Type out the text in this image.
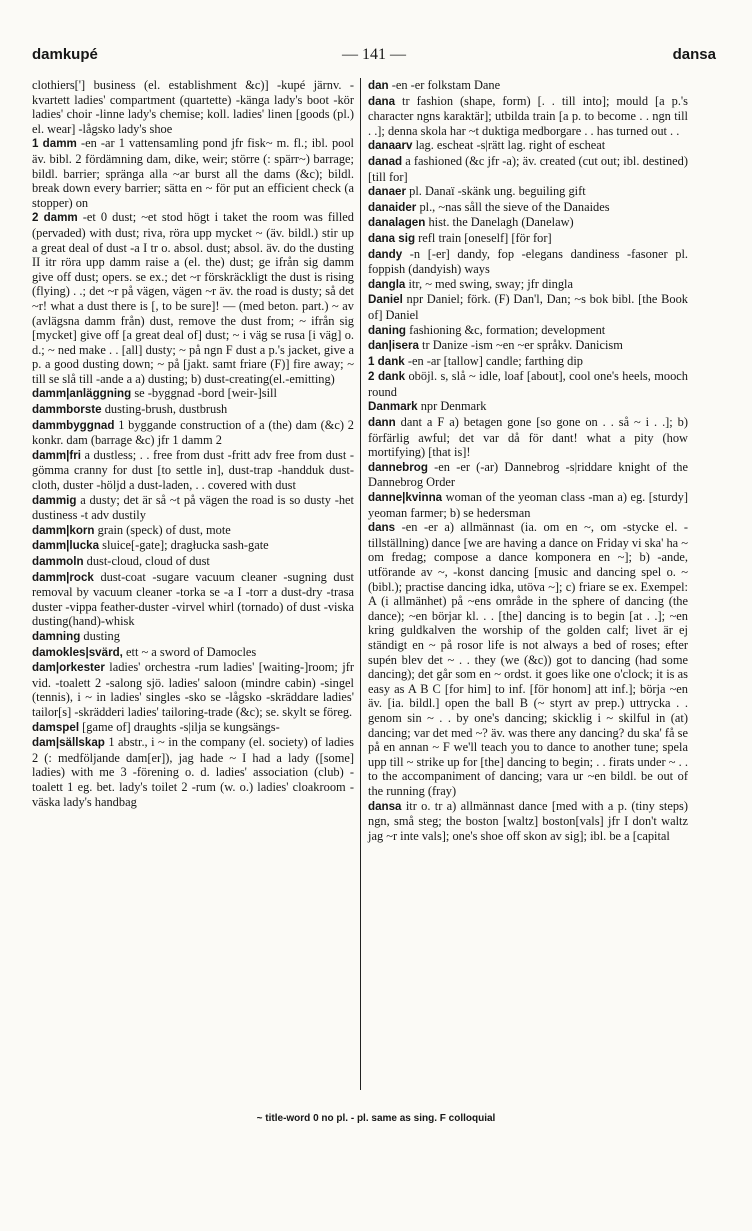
damkupé	— 141 —	dansa

clothiers['] business (el. establishment &c)] -kupé järnv. -kvartett ladies' compartment (quartette) -känga lady's boot -kör ladies' choir -linne lady's chemise; koll. ladies' linen [goods (pl.) el. wear] -lågsko lady's shoe

1 damm -en -ar 1 vattensamling pond jfr fisk~ m. fl.; ibl. pool äv. bibl. 2 fördämning dam, dike, weir; större (: spärr~) barrage; bildl. barrier; spränga alla ~ar burst all the dams (&c); bildl. break down every barrier; sätta en ~ för put an efficient check (a stopper) on

2 damm -et 0 dust; ~et stod högt i taket the room was filled (pervaded) with dust; riva, röra upp mycket ~ (äv. bildl.) stir up a great deal of dust -a I tr o. absol. dust; absol. äv. do the dusting II itr röra upp damm raise a (el. the) dust; ge ifrån sig damm give off dust; opers. se ex.; det ~r förskräckligt the dust is rising (flying) . .; det ~r på vägen, vägen ~r äv. the road is dusty; så det ~r! what a dust there is [, to be sure]! — (med beton. part.) ~ av (avlägsna damm från) dust, remove the dust from; ~ ifrån sig [mycket] give off [a great deal of] dust; ~ i väg se rusa [i väg] o. d.; ~ ned make . . [all] dusty; ~ på ngn F dust a p.'s jacket, give a p. a good dusting down; ~ på [jakt. samt friare (F)] fire away; ~ till se slå till -ande a a) dusting; b) dust-creating(el.-emitting)

damm|anläggning se -byggnad -bord [weir-]sill

dammborste dusting-brush, dustbrush

dammbyggnad 1 byggande construction of a (the) dam (&c) 2 konkr. dam (barrage &c) jfr 1 damm 2

damm|fri a dustless; . . free from dust -fritt adv free from dust -gömma cranny for dust [to settle in], dust-trap -handduk dust-cloth, duster -höljd a dust-laden, . . covered with dust

dammig a dusty; det är så ~t på vägen the road is so dusty -het dustiness -t adv dustily

damm|korn grain (speck) of dust, mote

damm|lucka sluice[-gate]; dragłucka sash-gate

dammoln dust-cloud, cloud of dust

damm|rock dust-coat -sugare vacuum cleaner -sugning dust removal by vacuum cleaner -torka se -a I -torr a dust-dry -trasa duster -vippa feather-duster -virvel whirl (tornado) of dust -viska dusting(hand)-whisk

damning dusting

damokles|svärd, ett ~ a sword of Damocles

dam|orkester ladies' orchestra -rum ladies' [waiting-]room; jfr vid. -toalett 2 -salong sjö. ladies' saloon (mindre cabin) -singel (tennis), i ~ in ladies' singles -sko se -lågsko -skräddare ladies' tailor[s] -skrädderi ladies' tailoring-trade (&c); se. skylt se föreg.

damspel [game of] draughts -s|ilja se kungsängs-

dam|sällskap 1 abstr., i ~ in the company (el. society) of ladies 2 (: medföljande dam[er]), jag hade ~ I had a lady ([some] ladies) with me 3 -förening o. d. ladies' association (club) -toalett 1 eg. bet. lady's toilet 2 -rum (w. o.) ladies' cloakroom -väska lady's handbag

dan -en -er folkstam Dane

dana tr fashion (shape, form) [. . till into]; mould [a p.'s character ngns karaktär]; utbilda train [a p. to become . . ngn till . .]; denna skola har ~t duktiga medborgare . . has turned out . .

danaarv lag. escheat -s|rätt lag. right of escheat

danad a fashioned (&c jfr -a); äv. created (cut out; ibl. destined) [till for]

danaer pl. Danaï -skänk ung. beguiling gift

danaider pl., ~nas såll the sieve of the Danaides

danalagen hist. the Danelagh (Danelaw)

dana sig refl train [oneself] [för for]

dandy -n [-er] dandy, fop -elegans dandiness -fasoner pl. foppish (dandyish) ways

dangla itr, ~ med swing, sway; jfr dingla

Daniel npr Daniel; förk. (F) Dan'l, Dan; ~s bok bibl. [the Book of] Daniel

daning fashioning &c, formation; development

dan|isera tr Danize -ism ~en ~er språkv. Danicism

1 dank -en -ar [tallow] candle; farthing dip

2 dank oböjl. s, slå ~ idle, loaf [about], cool one's heels, mooch round

Danmark npr Denmark

dann dant a F a) betagen gone [so gone on . . så ~ i . .]; b) förfärlig awful; det var då för dant! what a pity (how mortifying) [that is]!

dannebrog -en -er (-ar) Dannebrog -s|riddare knight of the Dannebrog Order

danne|kvinna woman of the yeoman class -man a) eg. [sturdy] yeoman farmer; b) se hedersman

dans -en -er a) allmännast (ia. om en ~, om -stycke el. -tillställning) dance [we are having a dance on Friday vi ska' ha ~ om fredag; compose a dance komponera en ~]; b) -ande, utförande av ~, -konst dancing [music and dancing spel o. ~ (bibl.); practise dancing idka, utöva ~]; c) friare se ex. Exempel: A (i allmänhet) på ~ens område in the sphere of dancing (the dance); ~en börjar kl. . . [the] dancing is to begin [at . .]; ~en kring guldkalven the worship of the golden calf; livet är ej ständigt en ~ på rosor life is not always a bed of roses; efter supén blev det ~ . . they (we (&c)) got to dancing (had some dancing); det går som en ~ ordst. it goes like one o'clock; it is as easy as A B C [for him] to inf. [för honom] att inf.]; börja ~en äv. [ia. bildl.] open the ball B (~ styrt av prep.) uttrycka . . genom sin ~ . . by one's dancing; skicklig i ~ skilful in (at) dancing; var det med ~? äv. was there any dancing? du ska' få se på en annan ~ F we'll teach you to dance to another tune; spela upp till ~ strike up for [the] dancing to begin; . . firats under ~ . . to the accompaniment of dancing; vara ur ~en bildl. be out of the running (fray)

dansa itr o. tr a) allmännast dance [med with a p. (tiny steps) ngn, små steg; the boston [waltz] boston[vals] jfr I don't waltz jag ~r inte vals]; one's shoe off skon av sig]; ibl. be a [capital

~ title-word 0 no pl. - pl. same as sing. F colloquial
